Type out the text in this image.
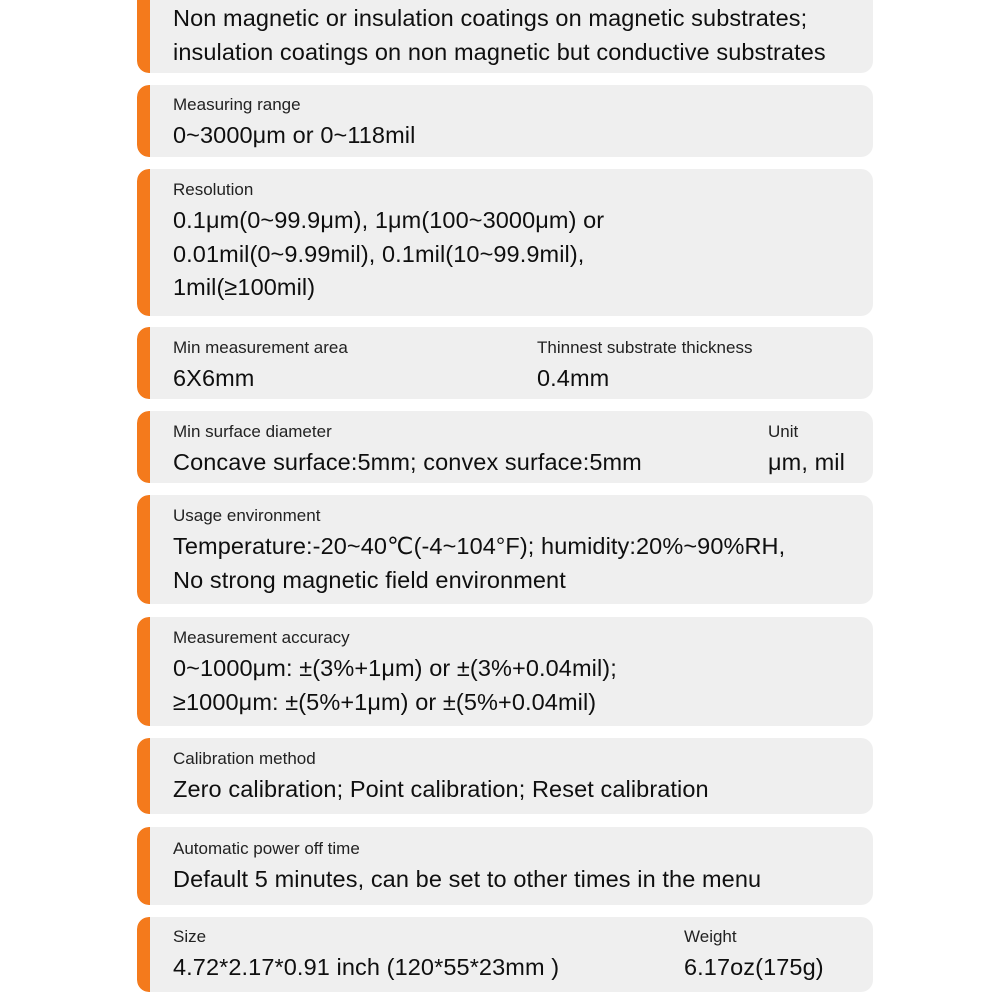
Non magnetic or insulation coatings on magnetic substrates;
insulation coatings on non magnetic but conductive substrates
Measuring range
0~3000μm or 0~118mil
Resolution
0.1μm(0~99.9μm), 1μm(100~3000μm) or
0.01mil(0~9.99mil), 0.1mil(10~99.9mil),
1mil(≥100mil)
Min measurement area
6X6mm
Thinnest substrate thickness
0.4mm
Min surface diameter
Concave surface:5mm; convex surface:5mm
Unit
μm, mil
Usage environment
Temperature:-20~40℃(-4~104°F); humidity:20%~90%RH,
No strong magnetic field environment
Measurement accuracy
0~1000μm: ±(3%+1μm) or ±(3%+0.04mil);
≥1000μm: ±(5%+1μm) or ±(5%+0.04mil)
Calibration method
Zero calibration; Point calibration; Reset calibration
Automatic power off time
Default 5 minutes, can be set to other times in the menu
Size
4.72*2.17*0.91 inch (120*55*23mm )
Weight
6.17oz(175g)
